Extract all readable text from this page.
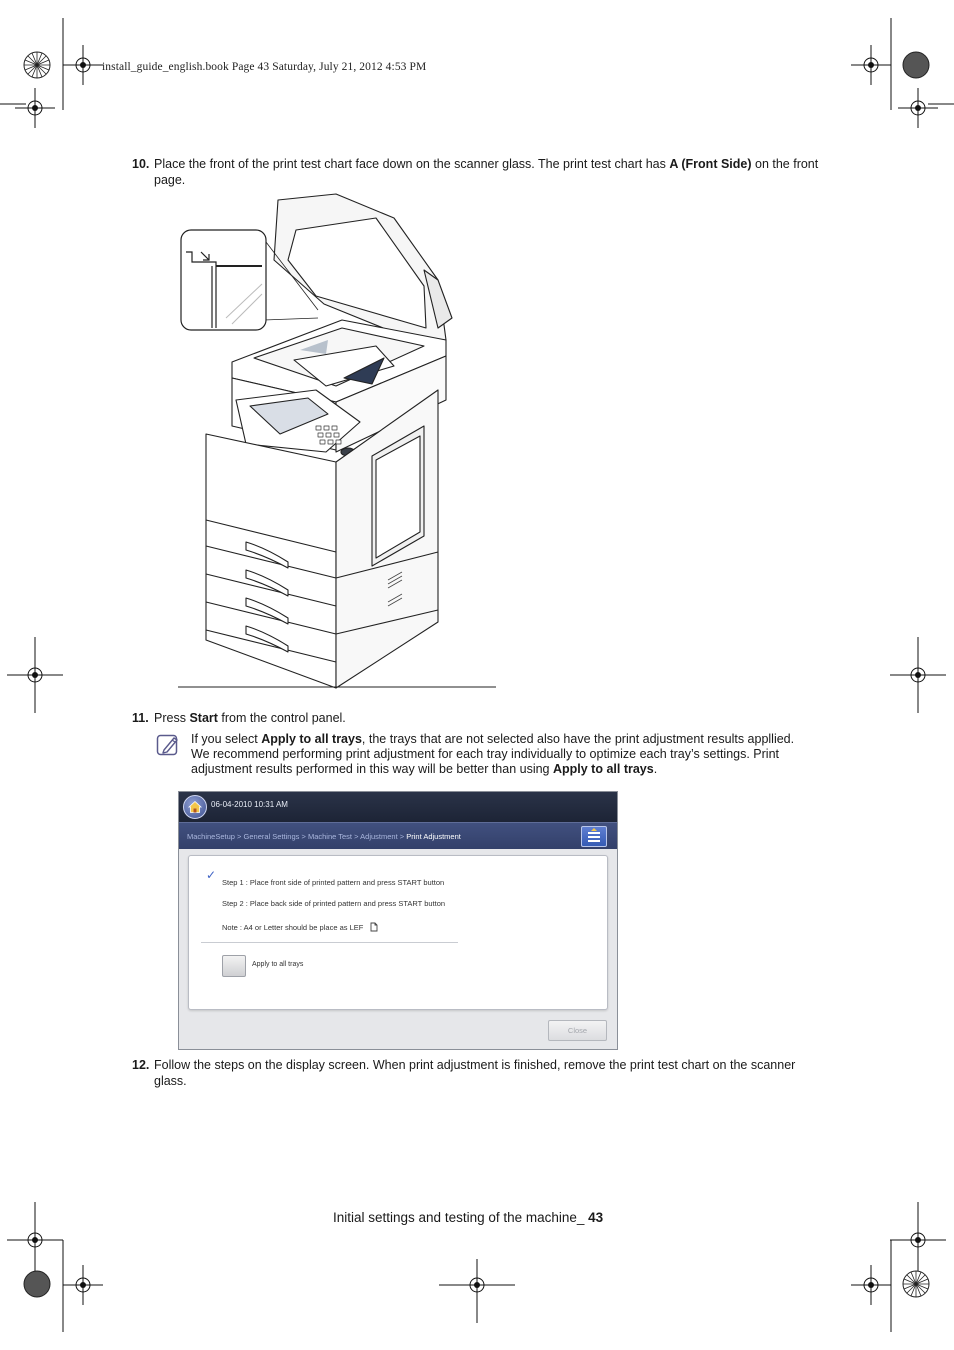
install_guide_english.book Page 43 Saturday, July 21, 2012 4:53 PM
10. Place the front of the print test chart face down on the scanner glass. The print test chart has A (Front Side) on the front page.
11. Press Start from the control panel.
If you select Apply to all trays, the trays that are not selected also have the print adjustment results appllied. We recommend performing print adjustment for each tray individually to optimize each tray’s settings. Print adjustment results performed in this way will be better than using Apply to all trays.
06-04-2010 10:31 AM
MachineSetup > General Settings > Machine Test > Adjustment > Print Adjustment
✓
Step 1 : Place front side of printed pattern and press START button
Step 2 : Place back side of printed pattern and press START button
Note : A4 or Letter should be place as LEF
Apply to all trays
Close
12. Follow the steps on the display screen. When print adjustment is finished, remove the print test chart on the scanner glass.
Initial settings and testing of the machine_ 43
